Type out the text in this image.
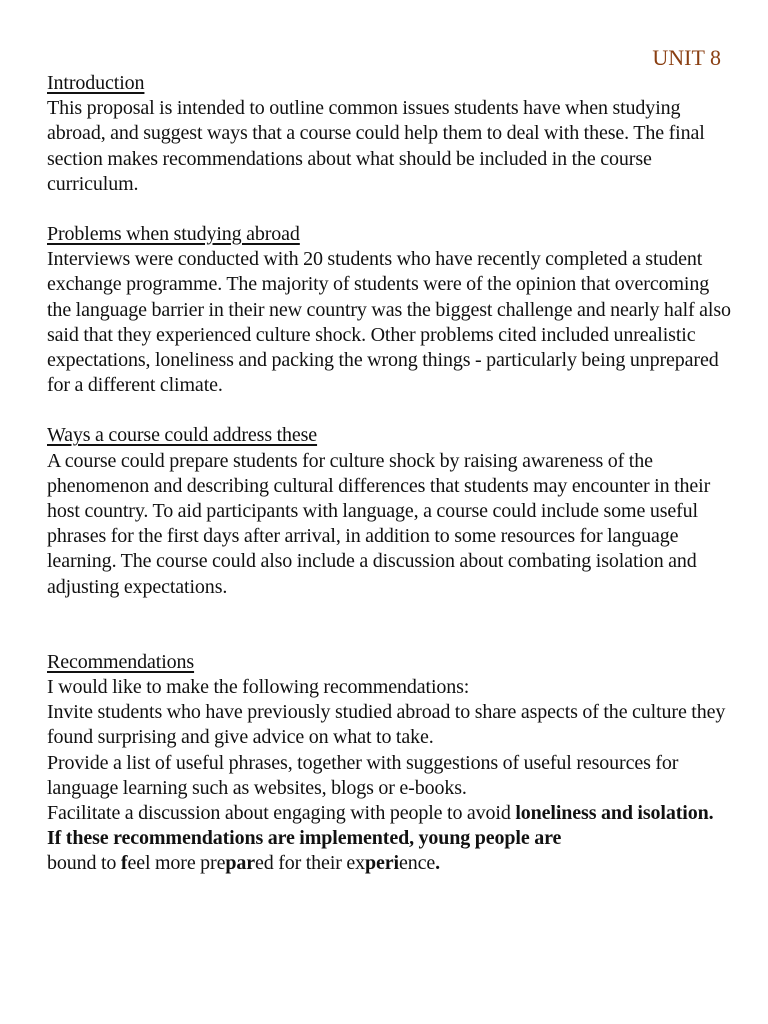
UNIT 8
Introduction

This proposal is intended to outline common issues students have when studying abroad, and suggest ways that a course could help them to deal with these. The final section makes recommendations about what should be included in the course curriculum.

Problems when studying abroad

Interviews were conducted with 20 students who have recently completed a student exchange programme. The majority of students were of the opinion that overcoming the language barrier in their new country was the biggest challenge and nearly half also said that they experienced culture shock. Other problems cited included unrealistic expectations, loneliness and packing the wrong things - particularly being unprepared for a different climate.

Ways a course could address these

A course could prepare students for culture shock by raising awareness of the phenomenon and describing cultural differences that students may encounter in their host country. To aid participants with language, a course could include some useful phrases for the first days after arrival, in addition to some resources for language learning. The course could also include a discussion about combating isolation and adjusting expectations.

Recommendations

I would like to make the following recommendations:

Invite students who have previously studied abroad to share aspects of the culture they found surprising and give advice on what to take.

Provide a list of useful phrases, together with suggestions of useful resources for language learning such as websites, blogs or e-books.

Facilitate a discussion about engaging with people to avoid loneliness and isolation.

If these recommendations are implemented, young people are

bound to feel more prepared for their experience.
